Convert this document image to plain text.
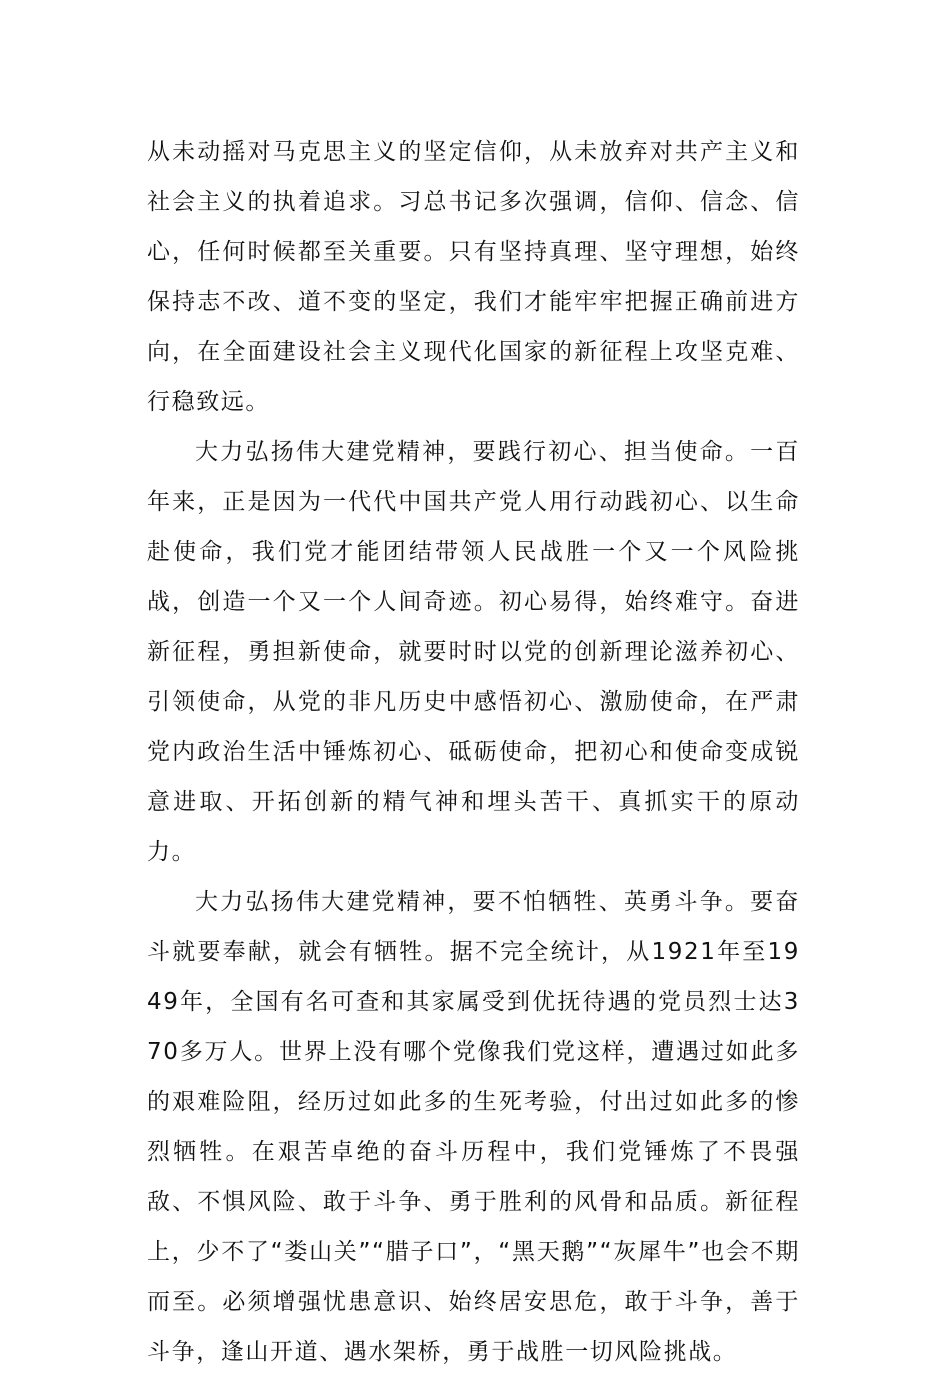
从未动摇对马克思主义的坚定信仰，从未放弃对共产主义和社会主义的执着追求。习总书记多次强调，信仰、信念、信心，任何时候都至关重要。只有坚持真理、坚守理想，始终保持志不改、道不变的坚定，我们才能牢牢把握正确前进方向，在全面建设社会主义现代化国家的新征程上攻坚克难、行稳致远。

大力弘扬伟大建党精神，要践行初心、担当使命。一百年来，正是因为一代代中国共产党人用行动践初心、以生命赴使命，我们党才能团结带领人民战胜一个又一个风险挑战，创造一个又一个人间奇迹。初心易得，始终难守。奋进新征程，勇担新使命，就要时时以党的创新理论滋养初心、引领使命，从党的非凡历史中感悟初心、激励使命，在严肃党内政治生活中锤炼初心、砥砺使命，把初心和使命变成锐意进取、开拓创新的精气神和埋头苦干、真抓实干的原动力。

大力弘扬伟大建党精神，要不怕牺牲、英勇斗争。要奋斗就要奉献，就会有牺牲。据不完全统计，从1921年至1949年，全国有名可查和其家属受到优抚待遇的党员烈士达370多万人。世界上没有哪个党像我们党这样，遭遇过如此多的艰难险阻，经历过如此多的生死考验，付出过如此多的惨烈牺牲。在艰苦卓绝的奋斗历程中，我们党锤炼了不畏强敌、不惧风险、敢于斗争、勇于胜利的风骨和品质。新征程上，少不了“娄山关”“腊子口”，“黑天鹅”“灰犀牛”也会不期而至。必须增强忧患意识、始终居安思危，敢于斗争，善于斗争，逢山开道、遇水架桥，勇于战胜一切风险挑战。
